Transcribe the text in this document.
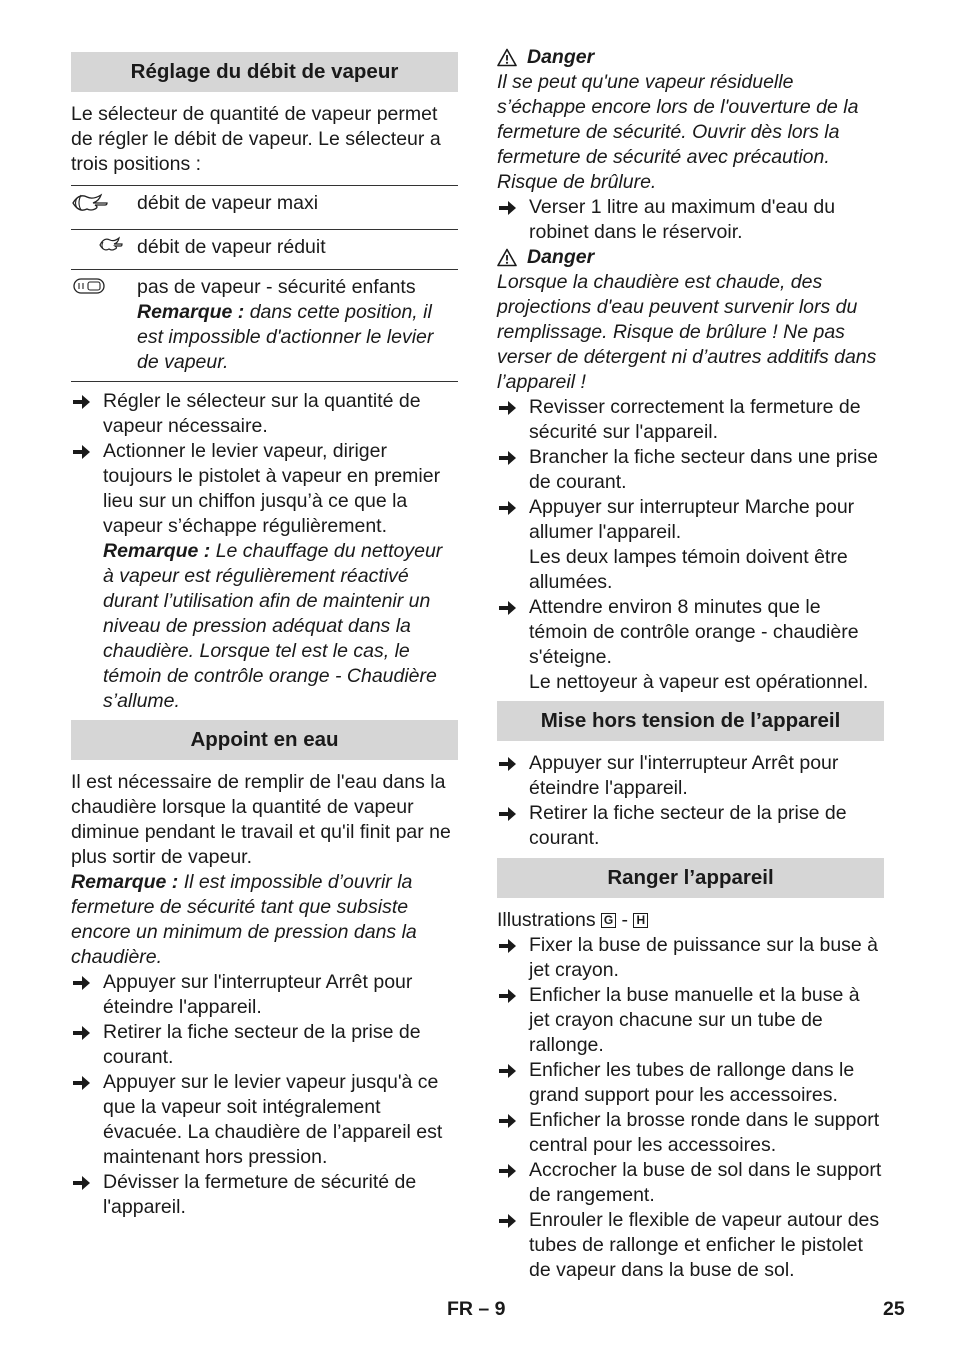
Réglage du débit de vapeur

Le sélecteur de quantité de vapeur permet de régler le débit de vapeur. Le sélecteur a trois positions :

	débit de vapeur maxi
	débit de vapeur réduit

pas de vapeur - sécurité enfants
Remarque : dans cette position, il est impossible d'actionner le levier de vapeur.
Régler le sélecteur sur la quantité de vapeur nécessaire.
Actionner le levier vapeur, diriger toujours le pistolet à vapeur en premier lieu sur un chiffon jusqu’à ce que la vapeur s’échappe régulièrement.
Remarque : Le chauffage du nettoyeur à vapeur est régulièrement réactivé durant l’utilisation afin de maintenir un niveau de pression adéquat dans la chaudière. Lorsque tel est le cas, le témoin de contrôle orange - Chaudière s’allume.
Appoint en eau

Il est nécessaire de remplir de l'eau dans la chaudière lorsque la quantité de vapeur diminue pendant le travail et qu'il finit par ne plus sortir de vapeur.

Remarque : Il est impossible d’ouvrir la fermeture de sécurité tant que subsiste encore un minimum de pression dans la chaudière.

Appuyer sur l'interrupteur Arrêt pour éteindre l'appareil.
Retirer la fiche secteur de la prise de courant.
Appuyer sur le levier vapeur jusqu'à ce que la vapeur soit intégralement évacuée. La chaudière de l’appareil est maintenant hors pression.
Dévisser la fermeture de sécurité de l'appareil.
Danger

Il se peut qu'une vapeur résiduelle s’échappe encore lors de l'ouverture de la fermeture de sécurité. Ouvrir dès lors la fermeture de sécurité avec précaution. Risque de brûlure.

Verser 1 litre au maximum d'eau du robinet dans le réservoir.
Danger

Lorsque la chaudière est chaude, des projections d'eau peuvent survenir lors du remplissage. Risque de brûlure ! Ne pas verser de détergent ni d’autres additifs dans l’appareil !

Revisser correctement la fermeture de sécurité sur l'appareil.
Brancher la fiche secteur dans une prise de courant.
Appuyer sur interrupteur Marche pour allumer l'appareil.
Les deux lampes témoin doivent être allumées.
Attendre environ 8 minutes que le témoin de contrôle orange - chaudière s'éteigne.
Le nettoyeur à vapeur est opérationnel.
Mise hors tension de l’appareil
Appuyer sur l'interrupteur Arrêt pour éteindre l'appareil.
Retirer la fiche secteur de la prise de courant.
Ranger l’appareil

Illustrations G - H

Fixer la buse de puissance sur la buse à jet crayon.
Enficher la buse manuelle et la buse à jet crayon chacune sur un tube de rallonge.
Enficher les tubes de rallonge dans le grand support pour les accessoires.
Enficher la brosse ronde dans le support central pour les accessoires.
Accrocher la buse de sol dans le support de rangement.
Enrouler le flexible de vapeur autour des tubes de rallonge et enficher le pistolet de vapeur dans la buse de sol.
FR – 9	25
